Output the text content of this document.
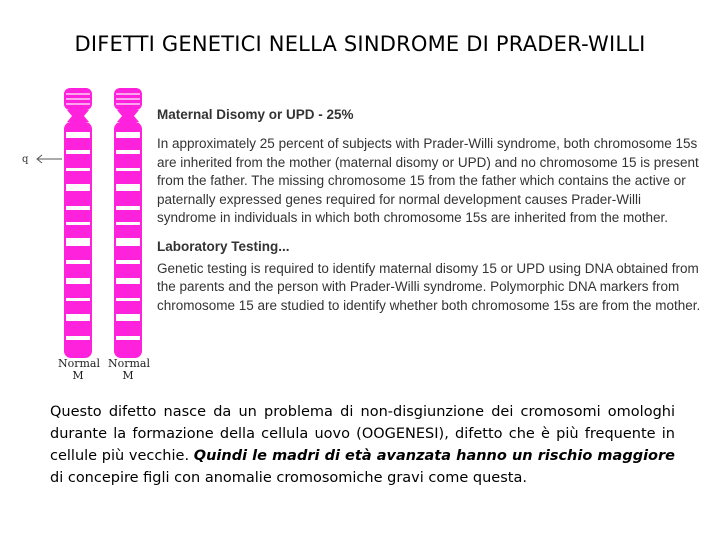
DIFETTI GENETICI NELLA SINDROME DI PRADER-WILLI
q
Normal
M
Normal
M
Maternal Disomy or UPD - 25%

In approximately 25 percent of subjects with Prader-Willi syndrome, both chromosome 15s are inherited from the mother (maternal disomy or UPD) and no chromosome 15 is present from the father. The missing chromosome 15 from the father which contains the active or paternally expressed genes required for normal development causes Prader-Willi syndrome in individuals in which both chromosome 15s are inherited from the mother.

Laboratory Testing...

Genetic testing is required to identify maternal disomy 15 or UPD using DNA obtained from the parents and the person with Prader-Willi syndrome. Polymorphic DNA markers from chromosome 15 are studied to identify whether both chromosome 15s are from the mother.

Questo difetto nasce da un problema di non-disgiunzione dei cromosomi omologhi durante la formazione della cellula uovo (OOGENESI), difetto che è più frequente in cellule più vecchie. Quindi le madri di età avanzata hanno un rischio maggiore di concepire figli con anomalie cromosomiche gravi come questa.
